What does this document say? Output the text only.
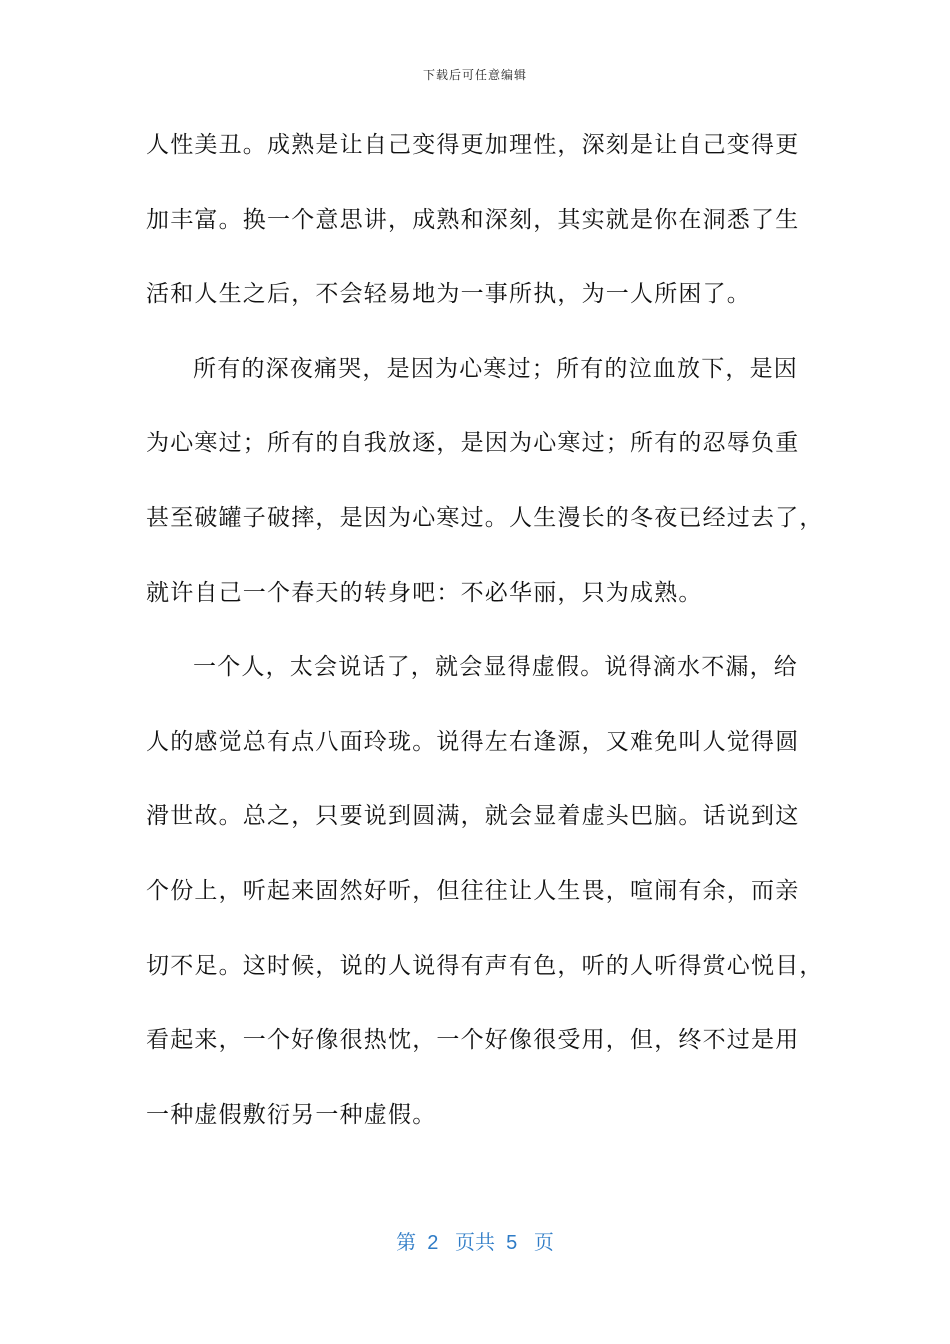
下载后可任意编辑
人性美丑。成熟是让自己变得更加理性，深刻是让自己变得更
加丰富。换一个意思讲，成熟和深刻，其实就是你在洞悉了生
活和人生之后，不会轻易地为一事所执，为一人所困了。
所有的深夜痛哭，是因为心寒过；所有的泣血放下，是因
为心寒过；所有的自我放逐，是因为心寒过；所有的忍辱负重
甚至破罐子破摔，是因为心寒过。人生漫长的冬夜已经过去了，
就许自己一个春天的转身吧：不必华丽，只为成熟。
一个人，太会说话了，就会显得虚假。说得滴水不漏，给
人的感觉总有点八面玲珑。说得左右逢源，又难免叫人觉得圆
滑世故。总之，只要说到圆满，就会显着虚头巴脑。话说到这
个份上，听起来固然好听，但往往让人生畏，喧闹有余，而亲
切不足。这时候，说的人说得有声有色，听的人听得赏心悦目，
看起来，一个好像很热忱，一个好像很受用，但，终不过是用
一种虚假敷衍另一种虚假。
第  2   页共  5   页
